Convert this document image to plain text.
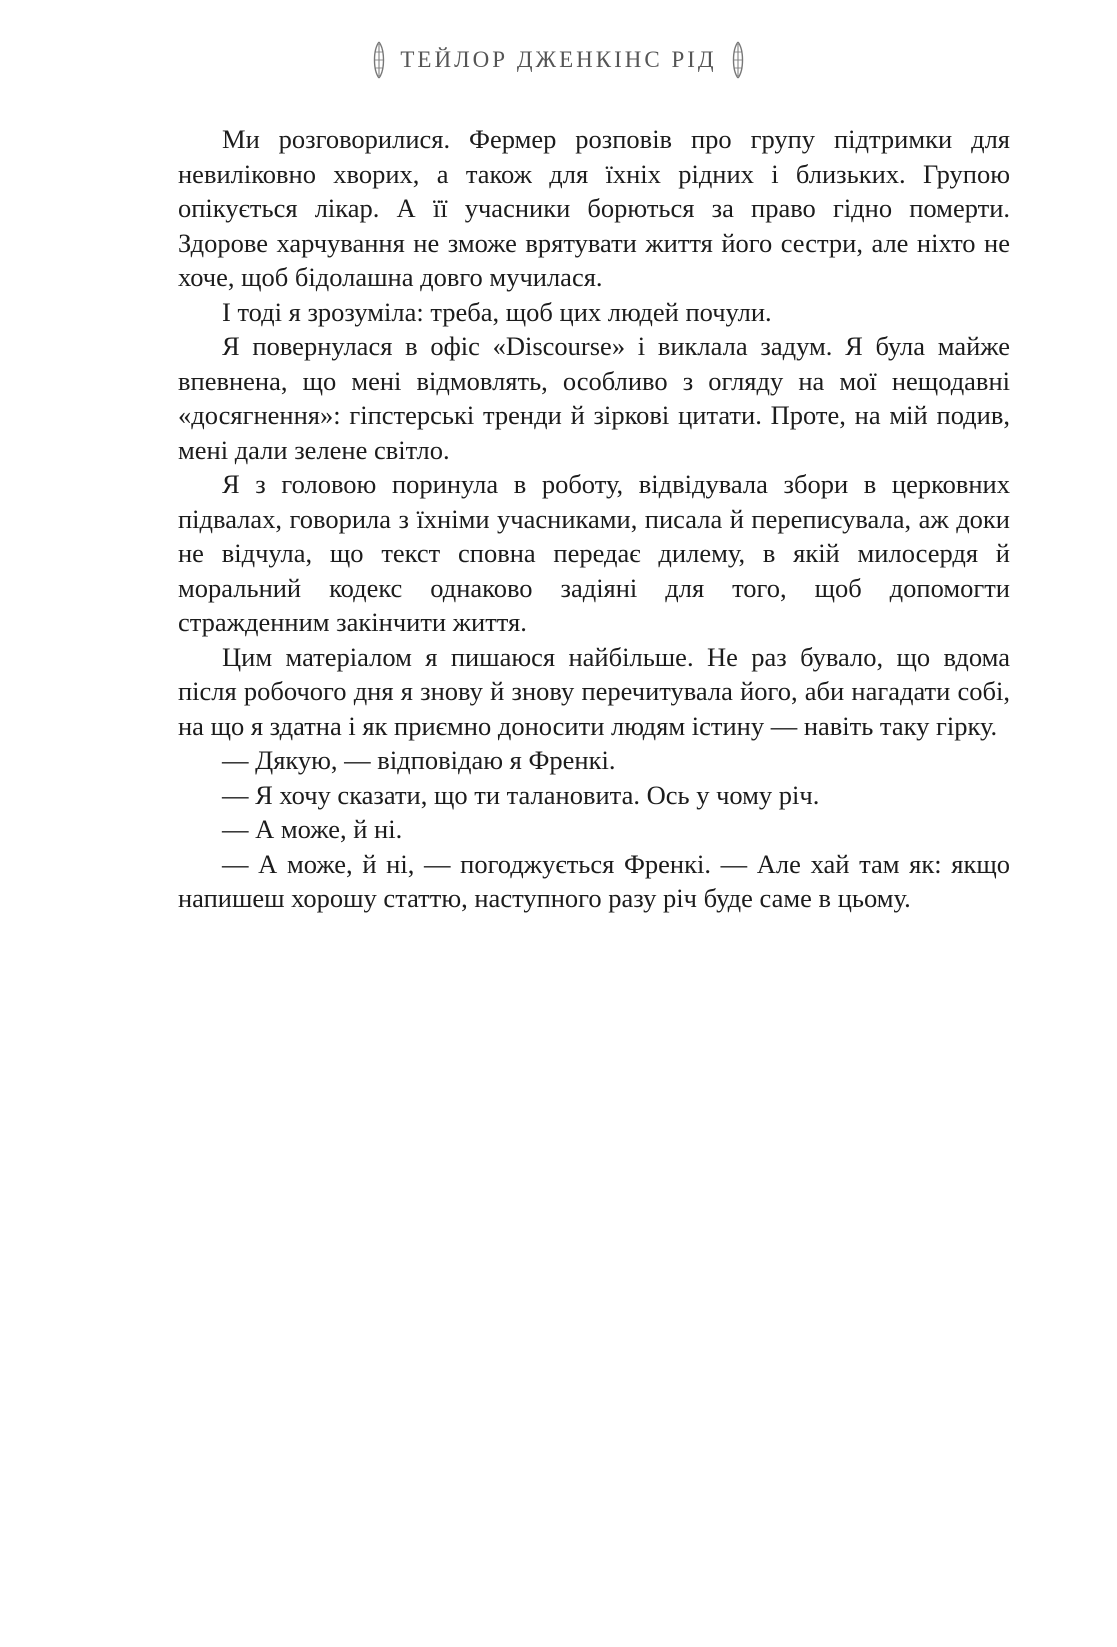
ТЕЙЛОР ДЖЕНКІНС РІД

Ми розговорилися. Фермер розповів про групу підтримки для невиліковно хворих, а також для їхніх рідних і близьких. Групою опікується лікар. А її учасники борються за право гідно померти. Здорове харчування не зможе врятувати життя його сестри, але ніхто не хоче, щоб бідолашна довго мучилася.

І тоді я зрозуміла: треба, щоб цих людей почули.

Я повернулася в офіс «Discourse» і виклала задум. Я була майже впевнена, що мені відмовлять, особливо з огляду на мої нещодавні «досягнення»: гіпстерські тренди й зіркові цитати. Проте, на мій подив, мені дали зелене світло.

Я з головою поринула в роботу, відвідувала збори в церковних підвалах, говорила з їхніми учасниками, писала й переписувала, аж доки не відчула, що текст сповна передає дилему, в якій милосердя й моральний кодекс однаково задіяні для того, щоб допомогти стражденним закінчити життя.

Цим матеріалом я пишаюся найбільше. Не раз бувало, що вдома після робочого дня я знову й знову перечитувала його, аби нагадати собі, на що я здатна і як приємно доносити людям істину — навіть таку гірку.

— Дякую, — відповідаю я Френкі.

— Я хочу сказати, що ти талановита. Ось у чому річ.

— А може, й ні.

— А може, й ні, — погоджується Френкі. — Але хай там як: якщо напишеш хорошу статтю, наступного разу річ буде саме в цьому.
